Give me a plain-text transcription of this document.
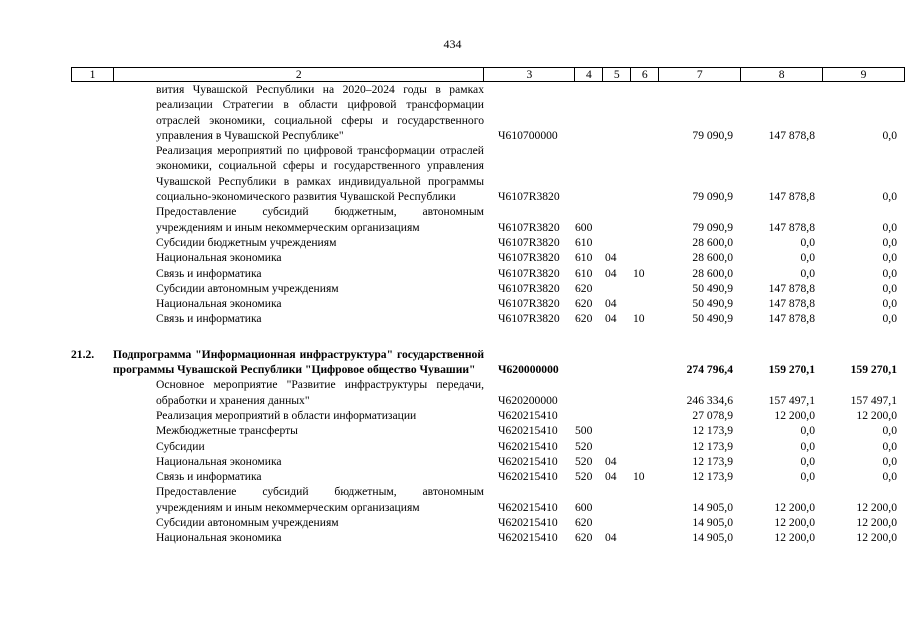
434
1	2	3	4	5	6	7	8	9
	вития Чувашской Республики на 2020–2024 годы в рамках реализации Стратегии в области цифровой трансформации отраслей экономики, социальной сферы и государственного управления в Чувашской Республике"	Ч610700000				79 090,9	147 878,8	0,0
	Реализация мероприятий по цифровой трансформации отраслей экономики, социальной сферы и государственного управления Чувашской Республики в рамках индивидуальной программы социально-экономического развития Чувашской Республики	Ч6107R3820				79 090,9	147 878,8	0,0
	Предоставление субсидий бюджетным, автономным учреждениям и иным некоммерческим организациям	Ч6107R3820	600			79 090,9	147 878,8	0,0
	Субсидии бюджетным учреждениям	Ч6107R3820	610			28 600,0	0,0	0,0
	Национальная экономика	Ч6107R3820	610	04		28 600,0	0,0	0,0
	Связь и информатика	Ч6107R3820	610	04	10	28 600,0	0,0	0,0
	Субсидии автономным учреждениям	Ч6107R3820	620			50 490,9	147 878,8	0,0
	Национальная экономика	Ч6107R3820	620	04		50 490,9	147 878,8	0,0
	Связь и информатика	Ч6107R3820	620	04	10	50 490,9	147 878,8	0,0

21.2.	Подпрограмма "Информационная инфраструктура" государственной программы Чувашской Республики "Цифровое общество Чувашии"	Ч620000000				274 796,4	159 270,1	159 270,1
	Основное мероприятие "Развитие инфраструктуры передачи, обработки и хранения данных"	Ч620200000				246 334,6	157 497,1	157 497,1
	Реализация мероприятий в области информатизации	Ч620215410				27 078,9	12 200,0	12 200,0
	Межбюджетные трансферты	Ч620215410	500			12 173,9	0,0	0,0
	Субсидии	Ч620215410	520			12 173,9	0,0	0,0
	Национальная экономика	Ч620215410	520	04		12 173,9	0,0	0,0
	Связь и информатика	Ч620215410	520	04	10	12 173,9	0,0	0,0
	Предоставление субсидий бюджетным, автономным учреждениям и иным некоммерческим организациям	Ч620215410	600			14 905,0	12 200,0	12 200,0
	Субсидии автономным учреждениям	Ч620215410	620			14 905,0	12 200,0	12 200,0
	Национальная экономика	Ч620215410	620	04		14 905,0	12 200,0	12 200,0
